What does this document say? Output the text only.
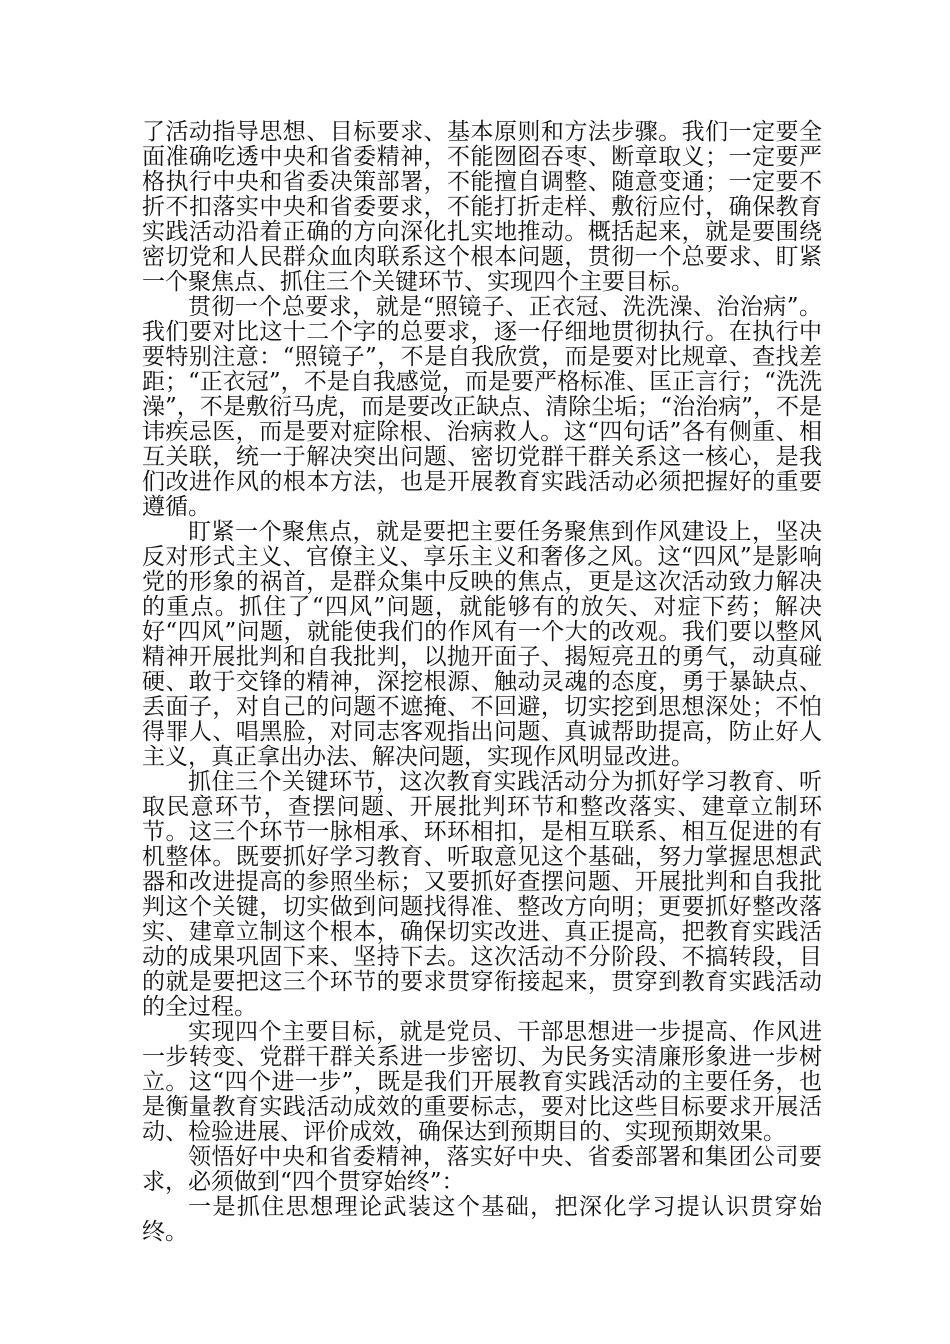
了活动指导思想、目标要求、基本原则和方法步骤。我们一定要全面准确吃透中央和省委精神，不能囫囵吞枣、断章取义；一定要严格执行中央和省委决策部署，不能擅自调整、随意变通；一定要不折不扣落实中央和省委要求，不能打折走样、敷衍应付，确保教育实践活动沿着正确的方向深化扎实地推动。概括起来，就是要围绕密切党和人民群众血肉联系这个根本问题，贯彻一个总要求、盯紧一个聚焦点、抓住三个关键环节、实现四个主要目标。

贯彻一个总要求，就是“照镜子、正衣冠、洗洗澡、治治病”。我们要对比这十二个字的总要求，逐一仔细地贯彻执行。在执行中要特别注意：“照镜子”，不是自我欣赏，而是要对比规章、查找差距；“正衣冠”，不是自我感觉，而是要严格标准、匡正言行；“洗洗澡”，不是敷衍马虎，而是要改正缺点、清除尘垢；“治治病”，不是讳疾忌医，而是要对症除根、治病救人。这“四句话”各有侧重、相互关联，统一于解决突出问题、密切党群干群关系这一核心，是我们改进作风的根本方法，也是开展教育实践活动必须把握好的重要遵循。

盯紧一个聚焦点，就是要把主要任务聚焦到作风建设上，坚决反对形式主义、官僚主义、享乐主义和奢侈之风。这“四风”是影响党的形象的祸首，是群众集中反映的焦点，更是这次活动致力解决的重点。抓住了“四风”问题，就能够有的放矢、对症下药；解决好“四风”问题，就能使我们的作风有一个大的改观。我们要以整风精神开展批判和自我批判，以抛开面子、揭短亮丑的勇气，动真碰硬、敢于交锋的精神，深挖根源、触动灵魂的态度，勇于暴缺点、丢面子，对自己的问题不遮掩、不回避，切实挖到思想深处；不怕得罪人、唱黑脸，对同志客观指出问题、真诚帮助提高，防止好人主义，真正拿出办法、解决问题，实现作风明显改进。

抓住三个关键环节，这次教育实践活动分为抓好学习教育、听取民意环节，查摆问题、开展批判环节和整改落实、建章立制环节。这三个环节一脉相承、环环相扣，是相互联系、相互促进的有机整体。既要抓好学习教育、听取意见这个基础，努力掌握思想武器和改进提高的参照坐标；又要抓好查摆问题、开展批判和自我批判这个关键，切实做到问题找得准、整改方向明；更要抓好整改落实、建章立制这个根本，确保切实改进、真正提高，把教育实践活动的成果巩固下来、坚持下去。这次活动不分阶段、不搞转段，目的就是要把这三个环节的要求贯穿衔接起来，贯穿到教育实践活动的全过程。

实现四个主要目标，就是党员、干部思想进一步提高、作风进一步转变、党群干群关系进一步密切、为民务实清廉形象进一步树立。这“四个进一步”，既是我们开展教育实践活动的主要任务，也是衡量教育实践活动成效的重要标志，要对比这些目标要求开展活动、检验进展、评价成效，确保达到预期目的、实现预期效果。

领悟好中央和省委精神，落实好中央、省委部署和集团公司要求，必须做到“四个贯穿始终”：

一是抓住思想理论武装这个基础，把深化学习提认识贯穿始终。
